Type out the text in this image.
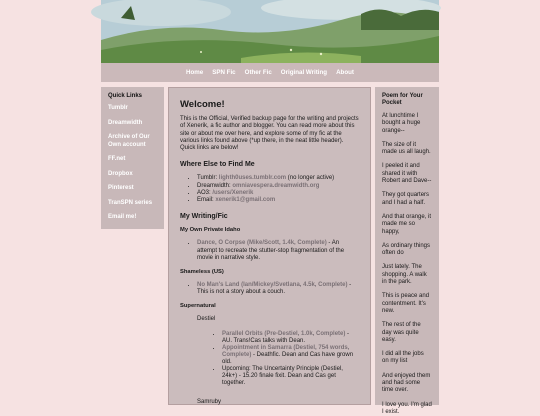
Home SPN Fic Other Fic Original Writing About
Quick Links
Tumblr
Dreamwidth
Archive of Our Own account
FF.net
Dropbox
Pinterest
TranSPN series
Email me!
Welcome!

This is the Official, Verified backup page for the writing and projects of Xenerik, a fic author and blogger. You can read more about this site or about me over here, and explore some of my fic at the various links found above (*up there, in the neat little header). Quick links are below!

Where Else to Find Me
• Tumblr: lighth0uses.tumblr.com (no longer active)
• Dreamwidth: omniavespera.dreamwidth.org
• AO3: /users/Xenerik
• Email: xenerik1@gmail.com
My Writing/Fic
My Own Private Idaho
• Dance, O Corpse (Mike/Scott, 1.4k, Complete) - An attempt to recreate the stutter-stop fragmentation of the movie in narrative style.
Shameless (US)
• No Man's Land (Ian/Mickey/Svetlana, 4.5k, Complete) - This is not a story about a couch.
Supernatural
Destiel
• Parallel Orbits (Pre-Destiel, 1.0k, Complete) - AU. Trans!Cas talks with Dean.
• Appointment in Samarra (Destiel, 754 words, Complete) - Deathfic. Dean and Cas have grown old.
• Upcoming: The Uncertainty Principle (Destiel, 24k+) - 15.20 finale fixit. Dean and Cas get together.
Samruby
Poem for Your Pocket

At lunchtime I bought a huge orange--

The size of it made us all laugh.

I peeled it and shared it with Robert and Dave--

They got quarters and I had a half.

And that orange, it made me so happy,

As ordinary things often do

Just lately. The shopping. A walk in the park.

This is peace and contentment. It's new.

The rest of the day was quite easy.

I did all the jobs on my list

And enjoyed them and had some time over.

I love you. I'm glad I exist.
